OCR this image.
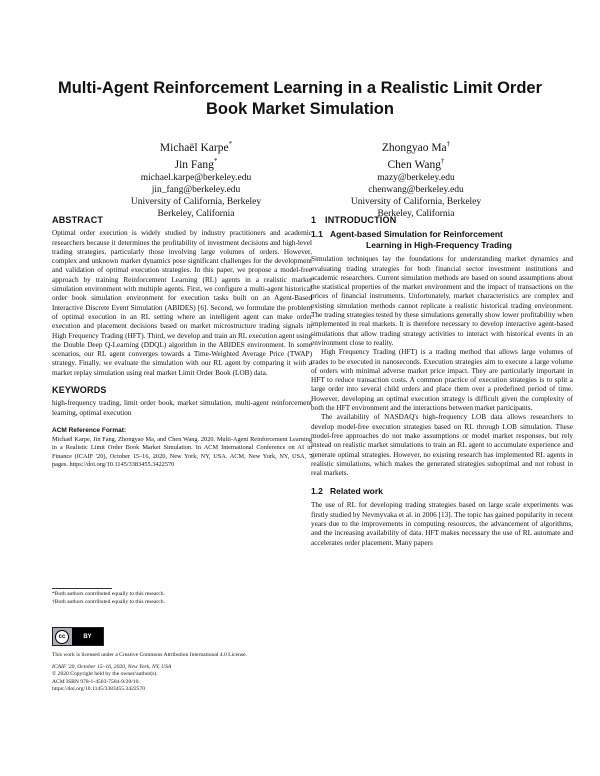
Multi-Agent Reinforcement Learning in a Realistic Limit Order
Book Market Simulation
Michaël Karpe*
Jin Fang*
michael.karpe@berkeley.edu
jin_fang@berkeley.edu
University of California, Berkeley
Berkeley, California
Zhongyao Ma†
Chen Wang†
mazy@berkeley.edu
chenwang@berkeley.edu
University of California, Berkeley
Berkeley, California
ABSTRACT

Optimal order execution is widely studied by industry practitioners and academic researchers because it determines the profitability of investment decisions and high-level trading strategies, particularly those involving large volumes of orders. However, complex and unknown market dynamics pose significant challenges for the development and validation of optimal execution strategies. In this paper, we propose a model-free approach by training Reinforcement Learning (RL) agents in a realistic market simulation environment with multiple agents. First, we configure a multi-agent historical order book simulation environment for execution tasks built on an Agent-Based Interactive Discrete Event Simulation (ABIDES) [6]. Second, we formulate the problem of optimal execution in an RL setting where an intelligent agent can make order execution and placement decisions based on market microstructure trading signals in High Frequency Trading (HFT). Third, we develop and train an RL execution agent using the Double Deep Q-Learning (DDQL) algorithm in the ABIDES environment. In some scenarios, our RL agent converges towards a Time-Weighted Average Price (TWAP) strategy. Finally, we evaluate the simulation with our RL agent by comparing it with a market replay simulation using real market Limit Order Book (LOB) data.

KEYWORDS

high-frequency trading, limit order book, market simulation, multi-agent reinforcement learning, optimal execution

ACM Reference Format:

Michaël Karpe, Jin Fang, Zhongyao Ma, and Chen Wang. 2020. Multi-Agent Reinforcement Learning in a Realistic Limit Order Book Market Simulation. In ACM International Conference on AI in Finance (ICAIF '20), October 15–16, 2020, New York, NY, USA. ACM, New York, NY, USA, 7 pages. https://doi.org/10.1145/3383455.3422570

*Both authors contributed equally to this research.
†Both authors contributed equally to this research.
cc	BY
This work is licensed under a Creative Commons Attribution International 4.0 License.

ICAIF '20, October 15–16, 2020, New York, NY, USA

© 2020 Copyright held by the owner/author(s).

ACM ISBN 978-1-4503-7584-9/20/10.

https://doi.org/10.1145/3383455.3422570

1 INTRODUCTION
1.1 Agent-based Simulation for Reinforcement
Learning in High-Frequency Trading

Simulation techniques lay the foundations for understanding market dynamics and evaluating trading strategies for both financial sector investment institutions and academic researchers. Current simulation methods are based on sound assumptions about the statistical properties of the market environment and the impact of transactions on the prices of financial instruments. Unfortunately, market characteristics are complex and existing simulation methods cannot replicate a realistic historical trading environment. The trading strategies tested by these simulations generally show lower profitability when implemented in real markets. It is therefore necessary to develop interactive agent-based simulations that allow trading strategy activities to interact with historical events in an environment close to reality.

High Frequency Trading (HFT) is a trading method that allows large volumes of trades to be executed in nanoseconds. Execution strategies aim to execute a large volume of orders with minimal adverse market price impact. They are particularly important in HFT to reduce transaction costs. A common practice of execution strategies is to split a large order into several child orders and place them over a predefined period of time. However, developing an optimal execution strategy is difficult given the complexity of both the HFT environment and the interactions between market participants.

The availability of NASDAQ's high-frequency LOB data allows researchers to develop model-free execution strategies based on RL through LOB simulation. These model-free approaches do not make assumptions or model market responses, but rely instead on realistic market simulations to train an RL agent to accumulate experience and generate optimal strategies. However, no existing research has implemented RL agents in realistic simulations, which makes the generated strategies suboptimal and not robust in real markets.

1.2 Related work

The use of RL for developing trading strategies based on large scale experiments was firstly studied by Nevmyvaka et al. in 2006 [13]. The topic has gained popularity in recent years due to the improvements in computing resources, the advancement of algorithms, and the increasing availability of data. HFT makes necessary the use of RL automate and accelerates order placement. Many papers
